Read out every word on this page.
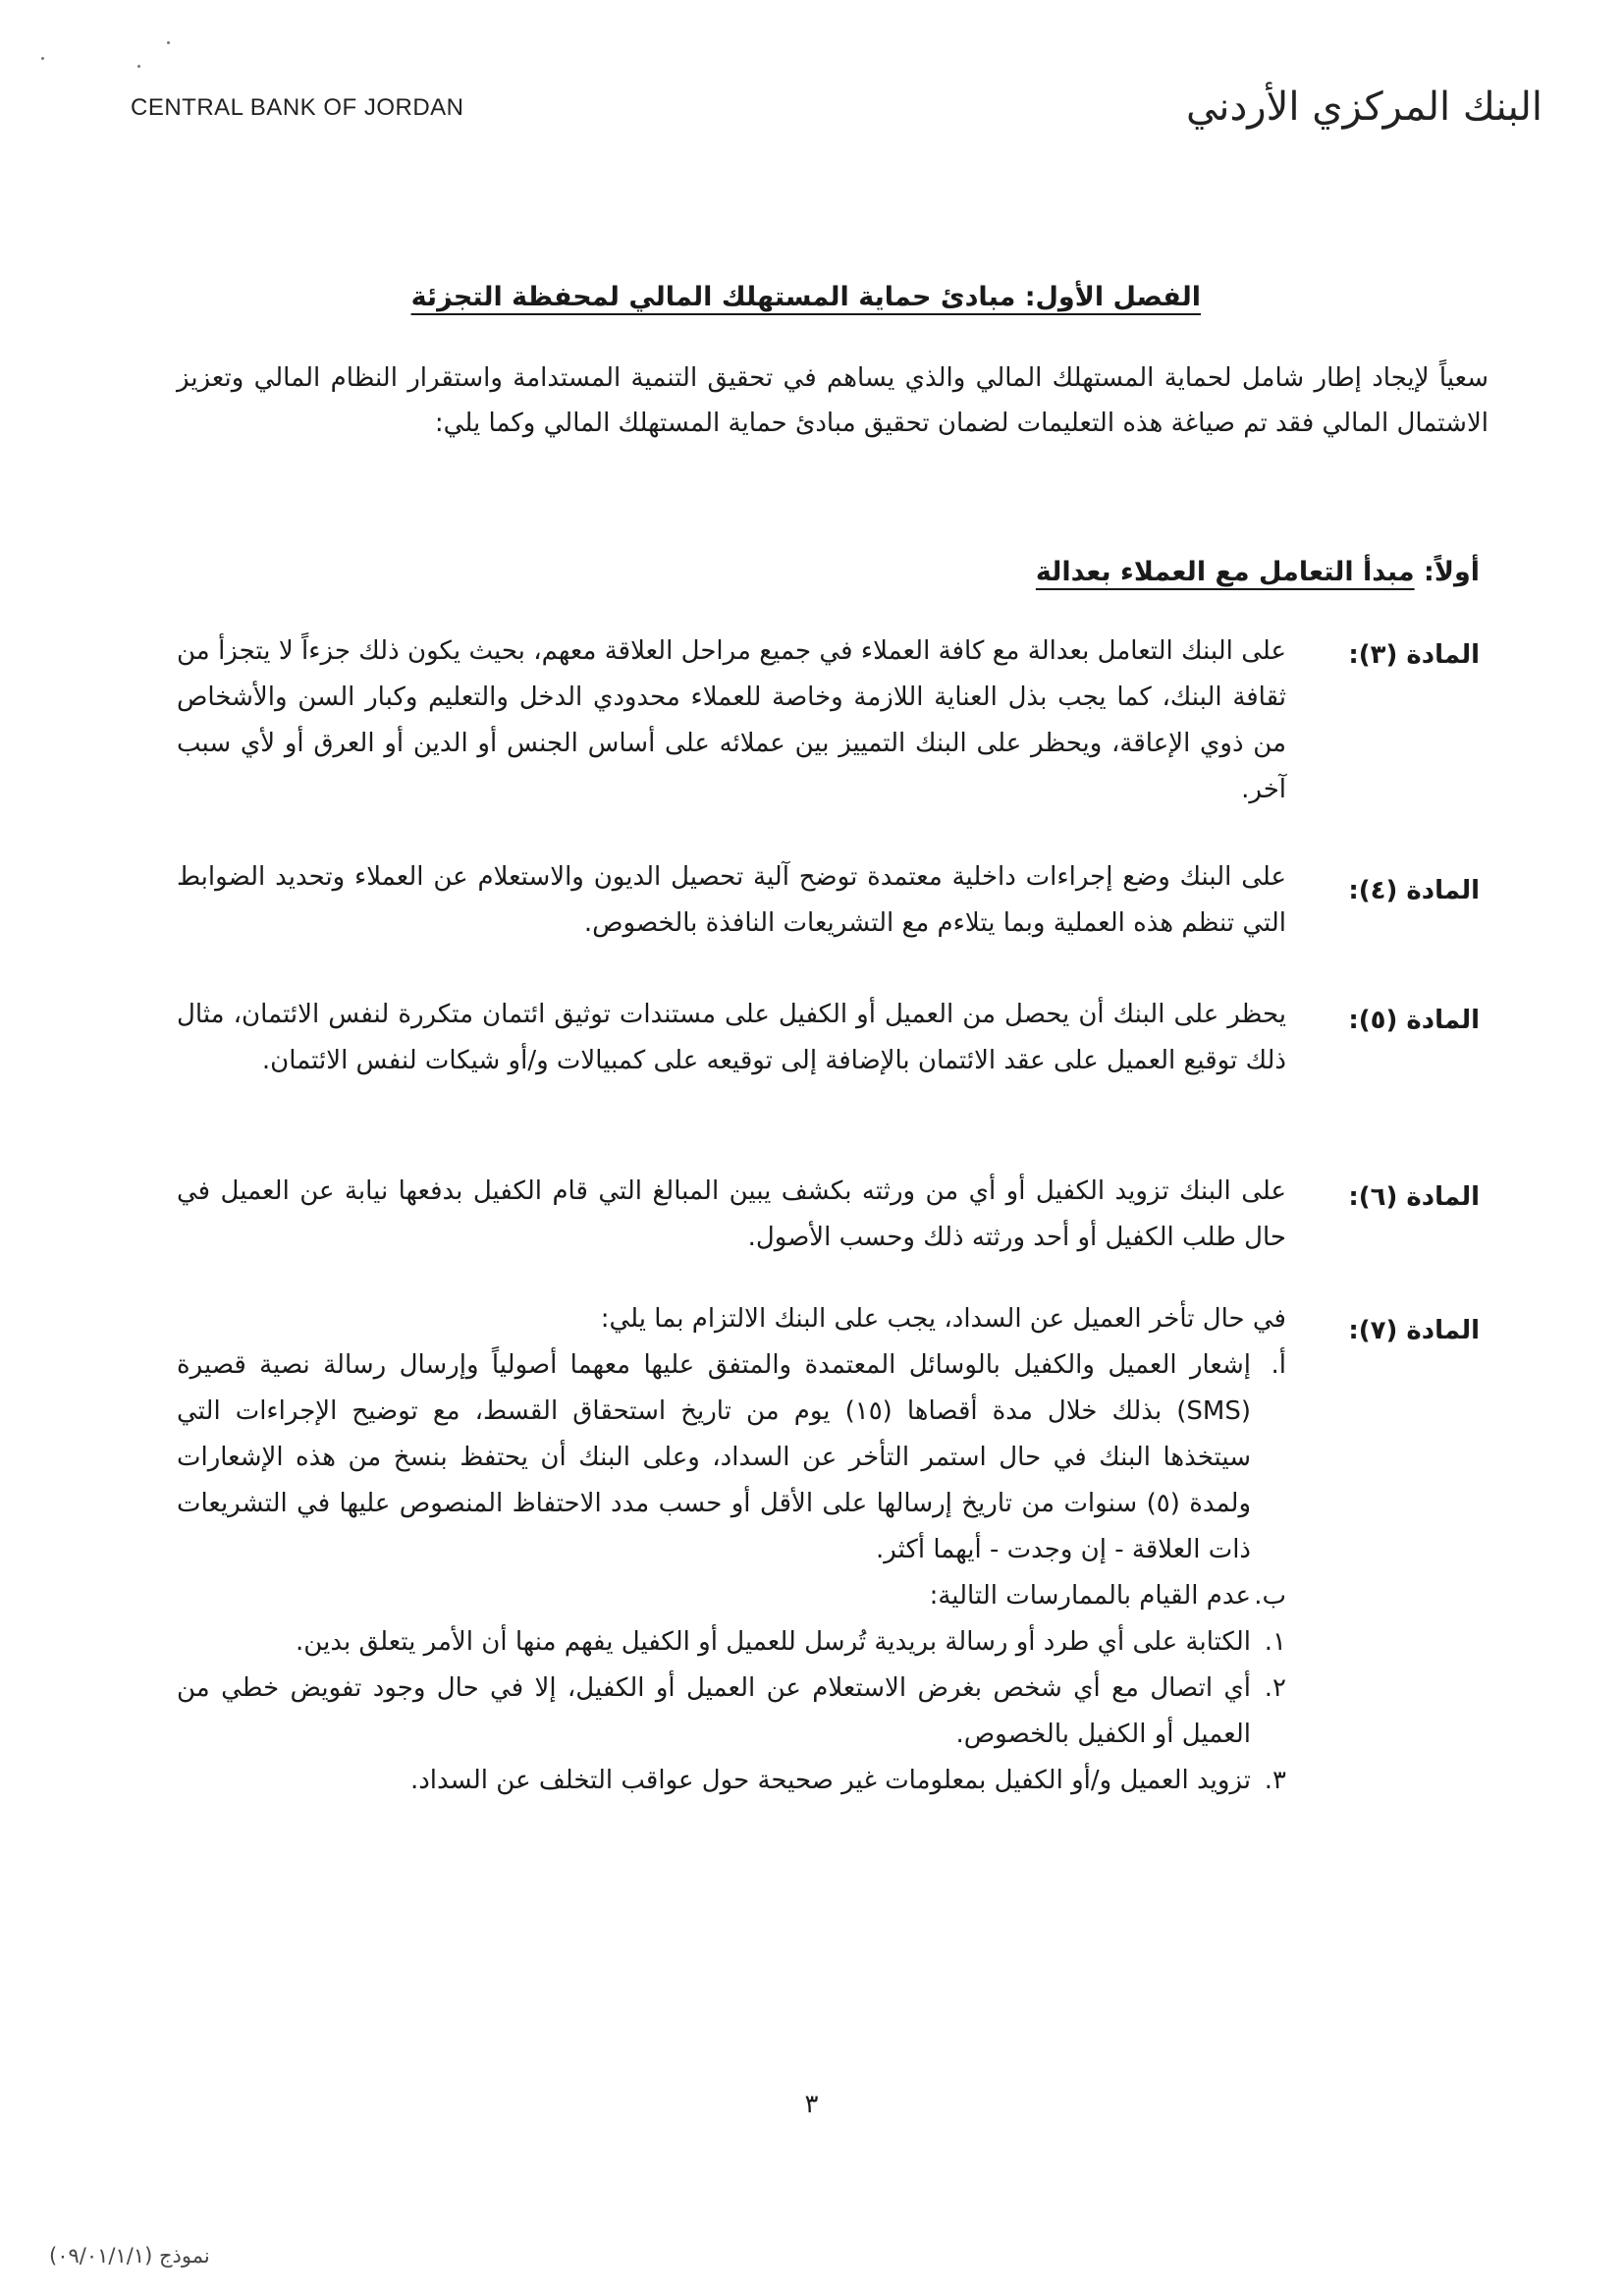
CENTRAL BANK OF JORDAN	البنك المركزي الأردني
الفصل الأول: مبادئ حماية المستهلك المالي لمحفظة التجزئة
سعياً لإيجاد إطار شامل لحماية المستهلك المالي والذي يساهم في تحقيق التنمية المستدامة واستقرار النظام المالي وتعزيز الاشتمال المالي فقد تم صياغة هذه التعليمات لضمان تحقيق مبادئ حماية المستهلك المالي وكما يلي:
أولاً: مبدأ التعامل مع العملاء بعدالة
المادة (٣):
على البنك التعامل بعدالة مع كافة العملاء في جميع مراحل العلاقة معهم، بحيث يكون ذلك جزءاً لا يتجزأ من ثقافة البنك، كما يجب بذل العناية اللازمة وخاصة للعملاء محدودي الدخل والتعليم وكبار السن والأشخاص من ذوي الإعاقة، ويحظر على البنك التمييز بين عملائه على أساس الجنس أو الدين أو العرق أو لأي سبب آخر.
المادة (٤):
على البنك وضع إجراءات داخلية معتمدة توضح آلية تحصيل الديون والاستعلام عن العملاء وتحديد الضوابط التي تنظم هذه العملية وبما يتلاءم مع التشريعات النافذة بالخصوص.
المادة (٥):
يحظر على البنك أن يحصل من العميل أو الكفيل على مستندات توثيق ائتمان متكررة لنفس الائتمان، مثال ذلك توقيع العميل على عقد الائتمان بالإضافة إلى توقيعه على كمبيالات و/أو شيكات لنفس الائتمان.
المادة (٦):
على البنك تزويد الكفيل أو أي من ورثته بكشف يبين المبالغ التي قام الكفيل بدفعها نيابة عن العميل في حال طلب الكفيل أو أحد ورثته ذلك وحسب الأصول.
المادة (٧):
في حال تأخر العميل عن السداد، يجب على البنك الالتزام بما يلي:
أ.
إشعار العميل والكفيل بالوسائل المعتمدة والمتفق عليها معهما أصولياً وإرسال رسالة نصية قصيرة (SMS) بذلك خلال مدة أقصاها (١٥) يوم من تاريخ استحقاق القسط، مع توضيح الإجراءات التي سيتخذها البنك في حال استمر التأخر عن السداد، وعلى البنك أن يحتفظ بنسخ من هذه الإشعارات ولمدة (٥) سنوات من تاريخ إرسالها على الأقل أو حسب مدد الاحتفاظ المنصوص عليها في التشريعات ذات العلاقة - إن وجدت - أيهما أكثر.
ب.
عدم القيام بالممارسات التالية:
١.
الكتابة على أي طرد أو رسالة بريدية تُرسل للعميل أو الكفيل يفهم منها أن الأمر يتعلق بدين.
٢.
أي اتصال مع أي شخص بغرض الاستعلام عن العميل أو الكفيل، إلا في حال وجود تفويض خطي من العميل أو الكفيل بالخصوص.
٣.
تزويد العميل و/أو الكفيل بمعلومات غير صحيحة حول عواقب التخلف عن السداد.
٣
نموذج (٠٩/٠١/١/١)
